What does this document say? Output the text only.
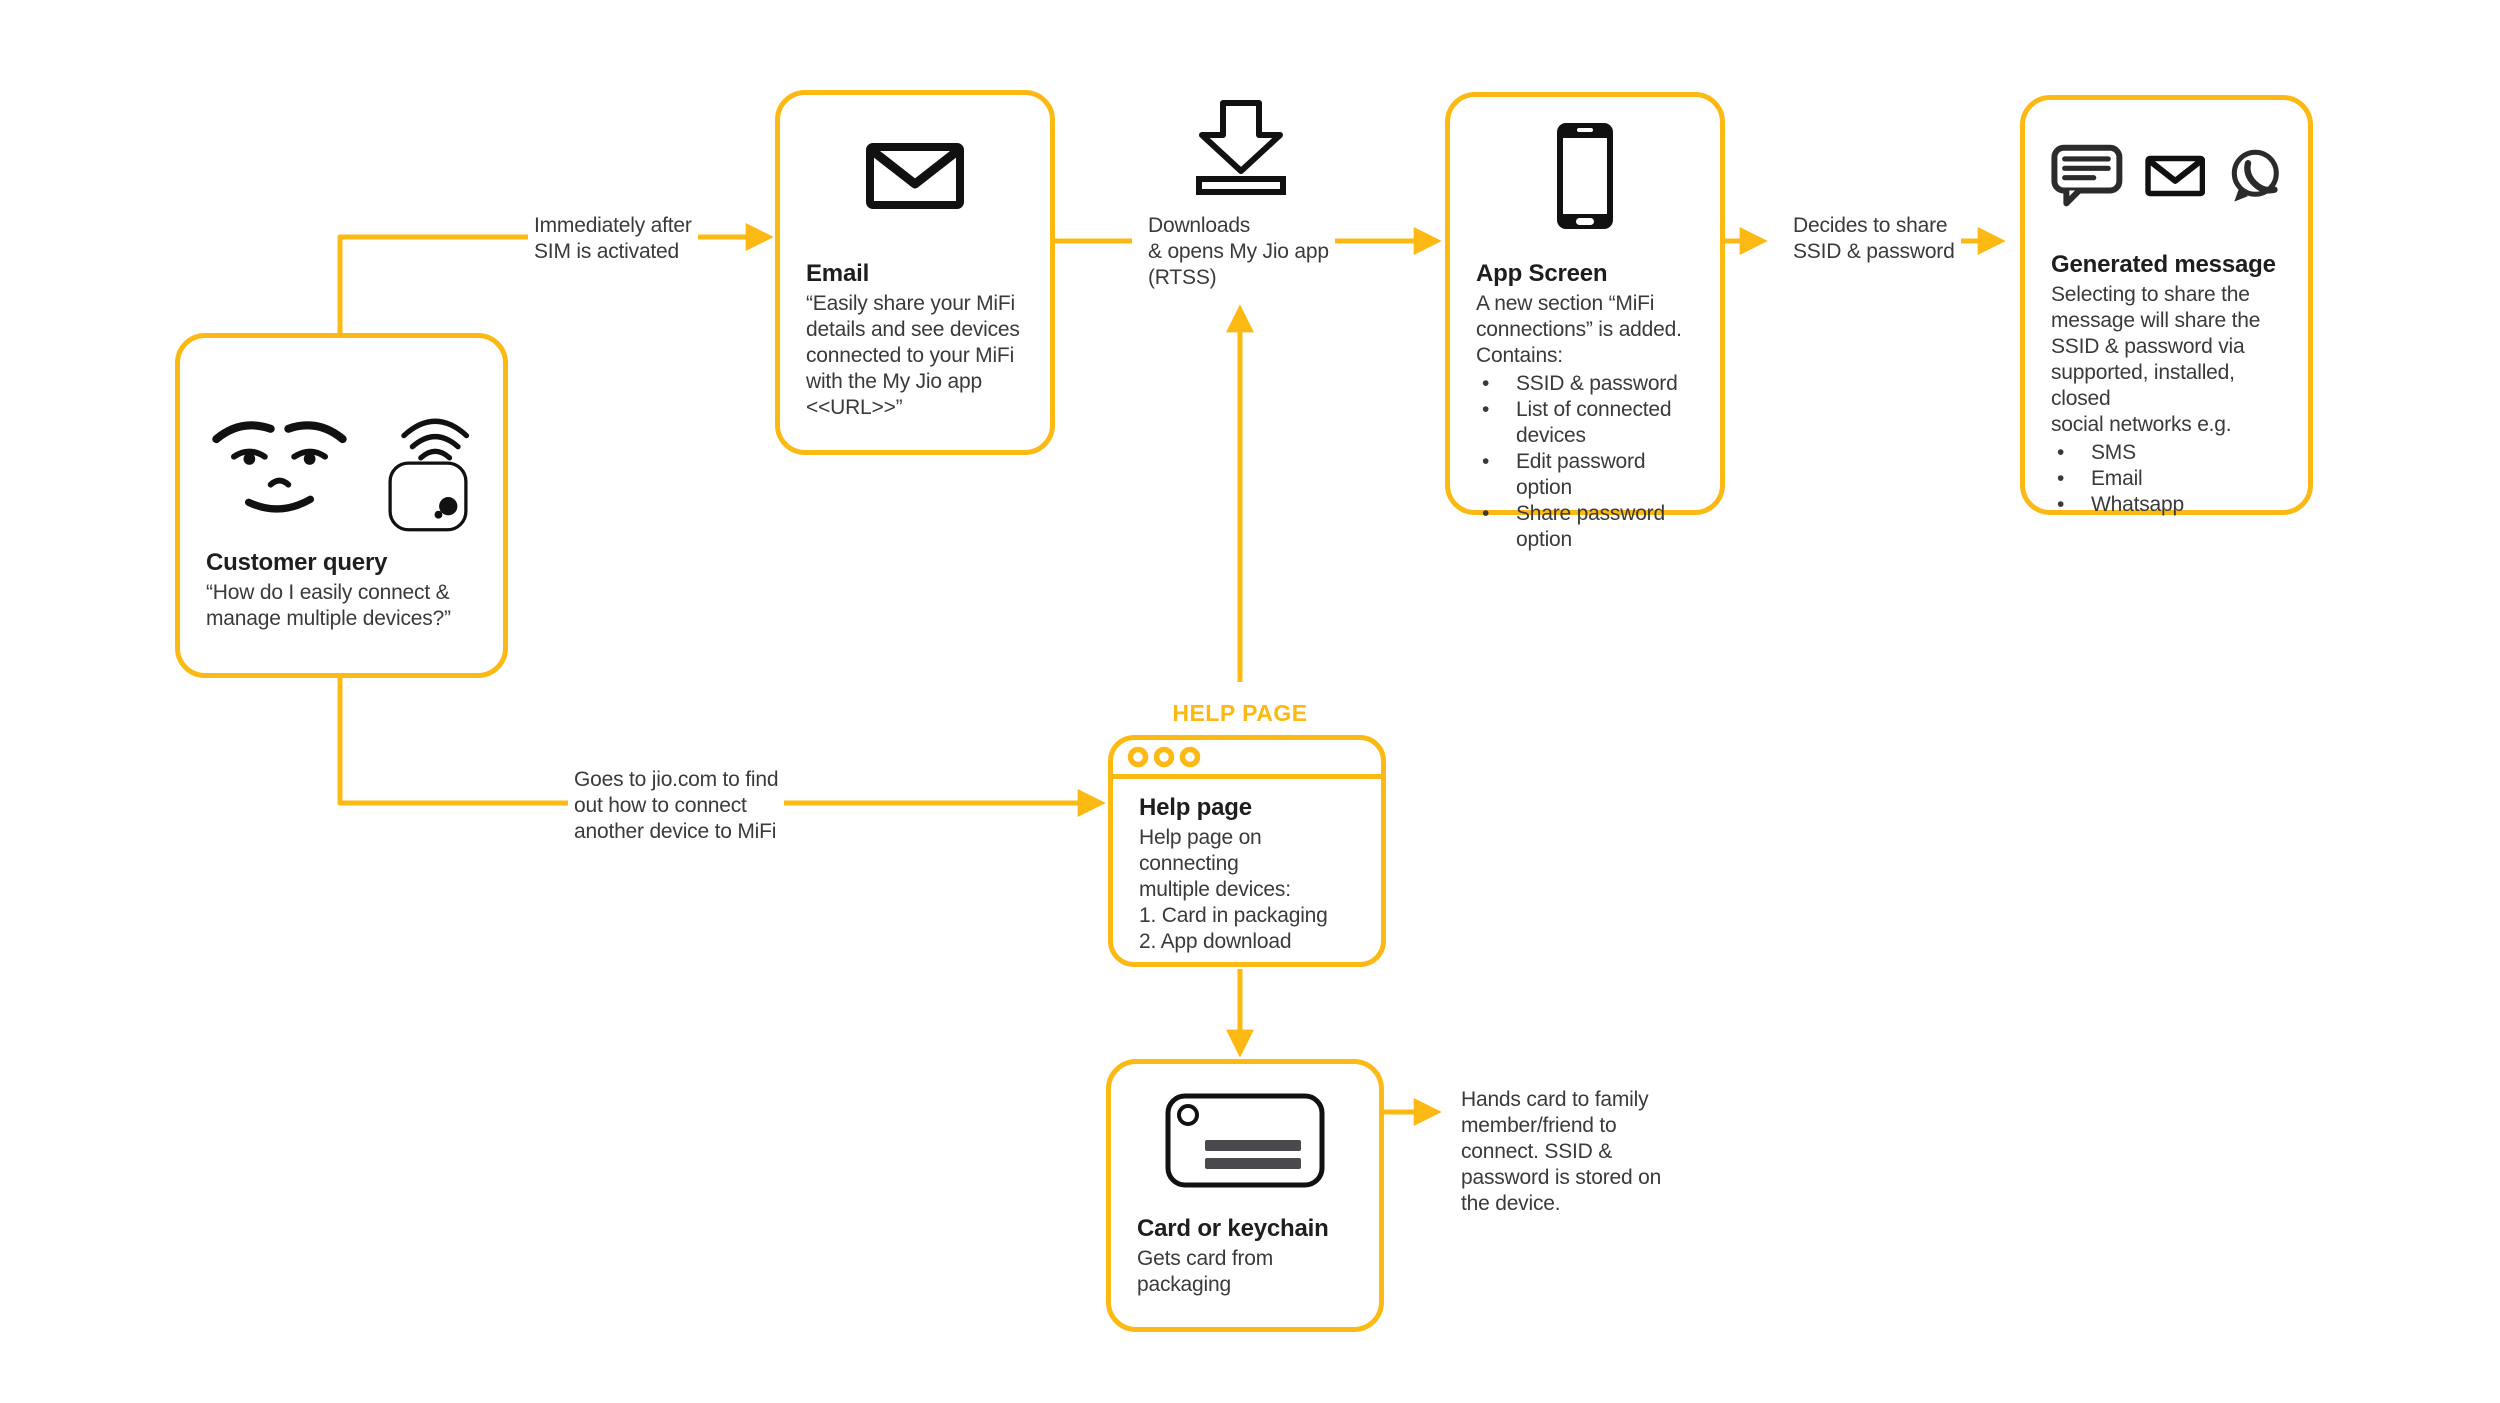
Customer query

“How do I easily connect &
manage multiple devices?”

Email

“Easily share your MiFi
details and see devices
connected to your MiFi
with the My Jio app
<<URL>>”

Downloads
& opens My Jio app
(RTSS)	App Screen

A new section “MiFi
connections” is added.
Contains:

• SSID & password
• List of connected
devices
• Edit password option
• Share password option
Decides to share
SSID & password	Generated message

Selecting to share the
message will share the
SSID & password via
supported, installed, closed
social networks e.g.

• SMS
• Email
• Whatsapp
HELP PAGE
Help page

Help page on connecting
multiple devices:
1. Card in packaging
2. App download

Card or keychain

Gets card from
packaging

Immediately after
SIM is activated
Goes to jio.com to find
out how to connect
another device to MiFi
Hands card to family
member/friend to
connect. SSID &
password is stored on
the device.
